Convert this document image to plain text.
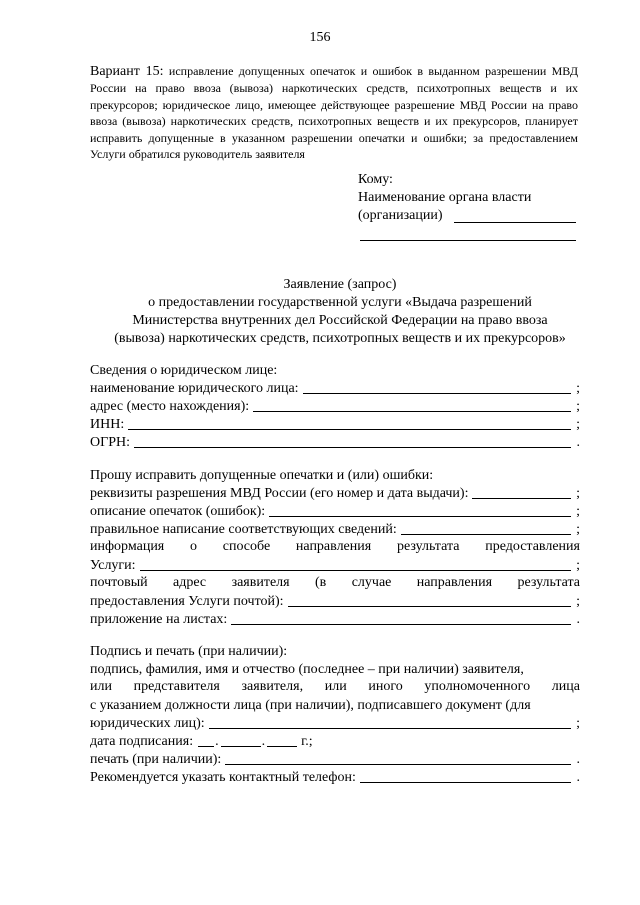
156
Вариант 15: исправление допущенных опечаток и ошибок в выданном разрешении МВД России на право ввоза (вывоза) наркотических средств, психотропных веществ и их прекурсоров; юридическое лицо, имеющее действующее разрешение МВД России на право ввоза (вывоза) наркотических средств, психотропных веществ и их прекурсоров, планирует исправить допущенные в указанном разрешении опечатки и ошибки; за предоставлением Услуги обратился руководитель заявителя
Кому:
Наименование органа власти
(организации)
Заявление (запрос)
о предоставлении государственной услуги «Выдача разрешений
Министерства внутренних дел Российской Федерации на право ввоза
(вывоза) наркотических средств, психотропных веществ и их прекурсоров»
Сведения о юридическом лице:
наименование юридического лица:	;
адрес (место нахождения):	;
ИНН:	;
ОГРН:	.
Прошу исправить допущенные опечатки и (или) ошибки:
реквизиты разрешения МВД России (его номер и дата выдачи):	;
описание опечаток (ошибок):	;
правильное написание соответствующих сведений:	;
информация о способе направления результата предоставления
Услуги:	;
почтовый адрес заявителя (в случае направления результата
предоставления Услуги почтой):	;
приложение на листах:	.
Подпись и печать (при наличии):
подпись, фамилия, имя и отчество (последнее – при наличии) заявителя,
или представителя заявителя, или иного уполномоченного лица
с указанием должности лица (при наличии), подписавшего документ (для
юридических лиц):	;
дата подписания: .	.	г.;
печать (при наличии):	.
Рекомендуется указать контактный телефон:	.
